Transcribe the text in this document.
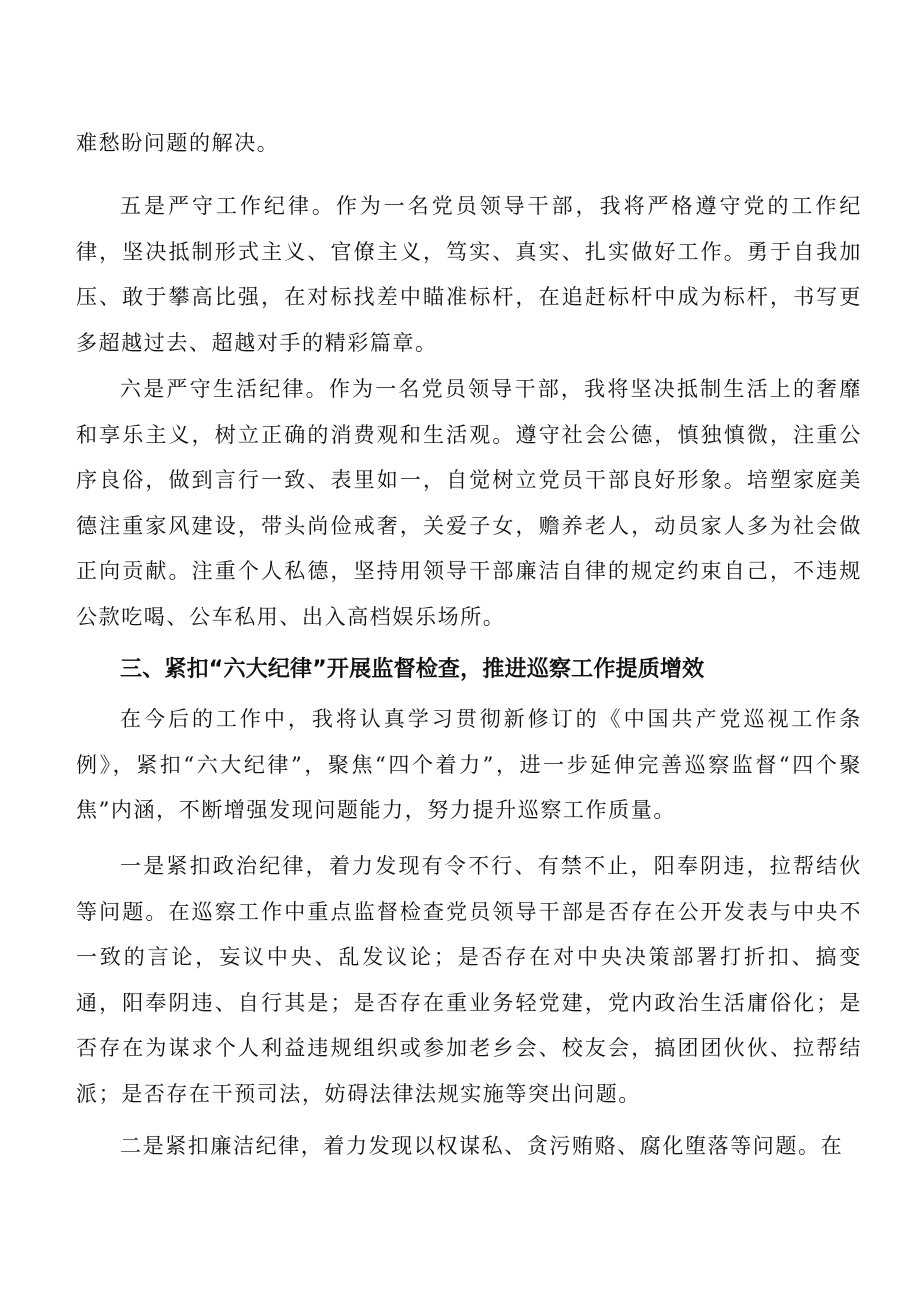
难愁盼问题的解决。

五是严守工作纪律。作为一名党员领导干部，我将严格遵守党的工作纪律，坚决抵制形式主义、官僚主义，笃实、真实、扎实做好工作。勇于自我加压、敢于攀高比强，在对标找差中瞄准标杆，在追赶标杆中成为标杆，书写更多超越过去、超越对手的精彩篇章。

六是严守生活纪律。作为一名党员领导干部，我将坚决抵制生活上的奢靡和享乐主义，树立正确的消费观和生活观。遵守社会公德，慎独慎微，注重公序良俗，做到言行一致、表里如一，自觉树立党员干部良好形象。培塑家庭美德注重家风建设，带头尚俭戒奢，关爱子女，赡养老人，动员家人多为社会做正向贡献。注重个人私德，坚持用领导干部廉洁自律的规定约束自己，不违规公款吃喝、公车私用、出入高档娱乐场所。

三、紧扣“六大纪律”开展监督检查，推进巡察工作提质增效

在今后的工作中，我将认真学习贯彻新修订的《中国共产党巡视工作条例》，紧扣“六大纪律”，聚焦“四个着力”，进一步延伸完善巡察监督“四个聚焦”内涵，不断增强发现问题能力，努力提升巡察工作质量。

一是紧扣政治纪律，着力发现有令不行、有禁不止，阳奉阴违，拉帮结伙等问题。在巡察工作中重点监督检查党员领导干部是否存在公开发表与中央不一致的言论，妄议中央、乱发议论；是否存在对中央决策部署打折扣、搞变通，阳奉阴违、自行其是；是否存在重业务轻党建，党内政治生活庸俗化；是否存在为谋求个人利益违规组织或参加老乡会、校友会，搞团团伙伙、拉帮结派；是否存在干预司法，妨碍法律法规实施等突出问题。

二是紧扣廉洁纪律，着力发现以权谋私、贪污贿赂、腐化堕落等问题。在
